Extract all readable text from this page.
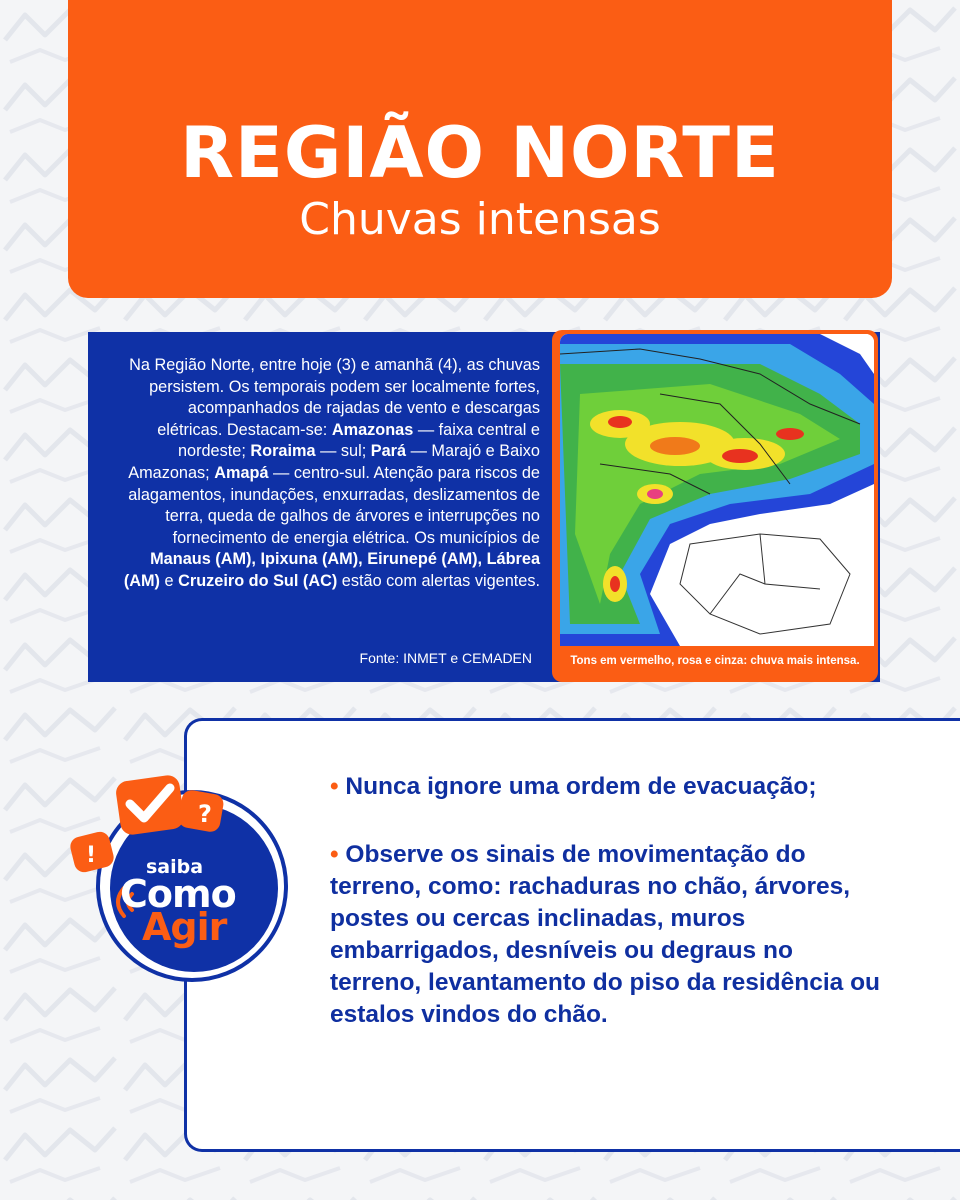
REGIÃO NORTE
Chuvas intensas
Na Região Norte, entre hoje (3) e amanhã (4), as chuvas persistem. Os temporais podem ser localmente fortes, acompanhados de rajadas de vento e descargas elétricas. Destacam-se: Amazonas — faixa central e nordeste; Roraima — sul; Pará — Marajó e Baixo Amazonas; Amapá — centro-sul. Atenção para riscos de alagamentos, inundações, enxurradas, deslizamentos de terra, queda de galhos de árvores e interrupções no fornecimento de energia elétrica. Os municípios de Manaus (AM), Ipixuna (AM), Eirunepé (AM), Lábrea (AM) e Cruzeiro do Sul (AC) estão com alertas vigentes.
Fonte: INMET e CEMADEN	Tons em vermelho, rosa e cinza: chuva mais intensa.
• Nunca ignore uma ordem de evacuação;
• Observe os sinais de movimentação do terreno, como: rachaduras no chão, árvores, postes ou cercas inclinadas, muros embarrigados, desníveis ou degraus no terreno, levantamento do piso da residência ou estalos vindos do chão.
?
!	saiba
Como
Agir
